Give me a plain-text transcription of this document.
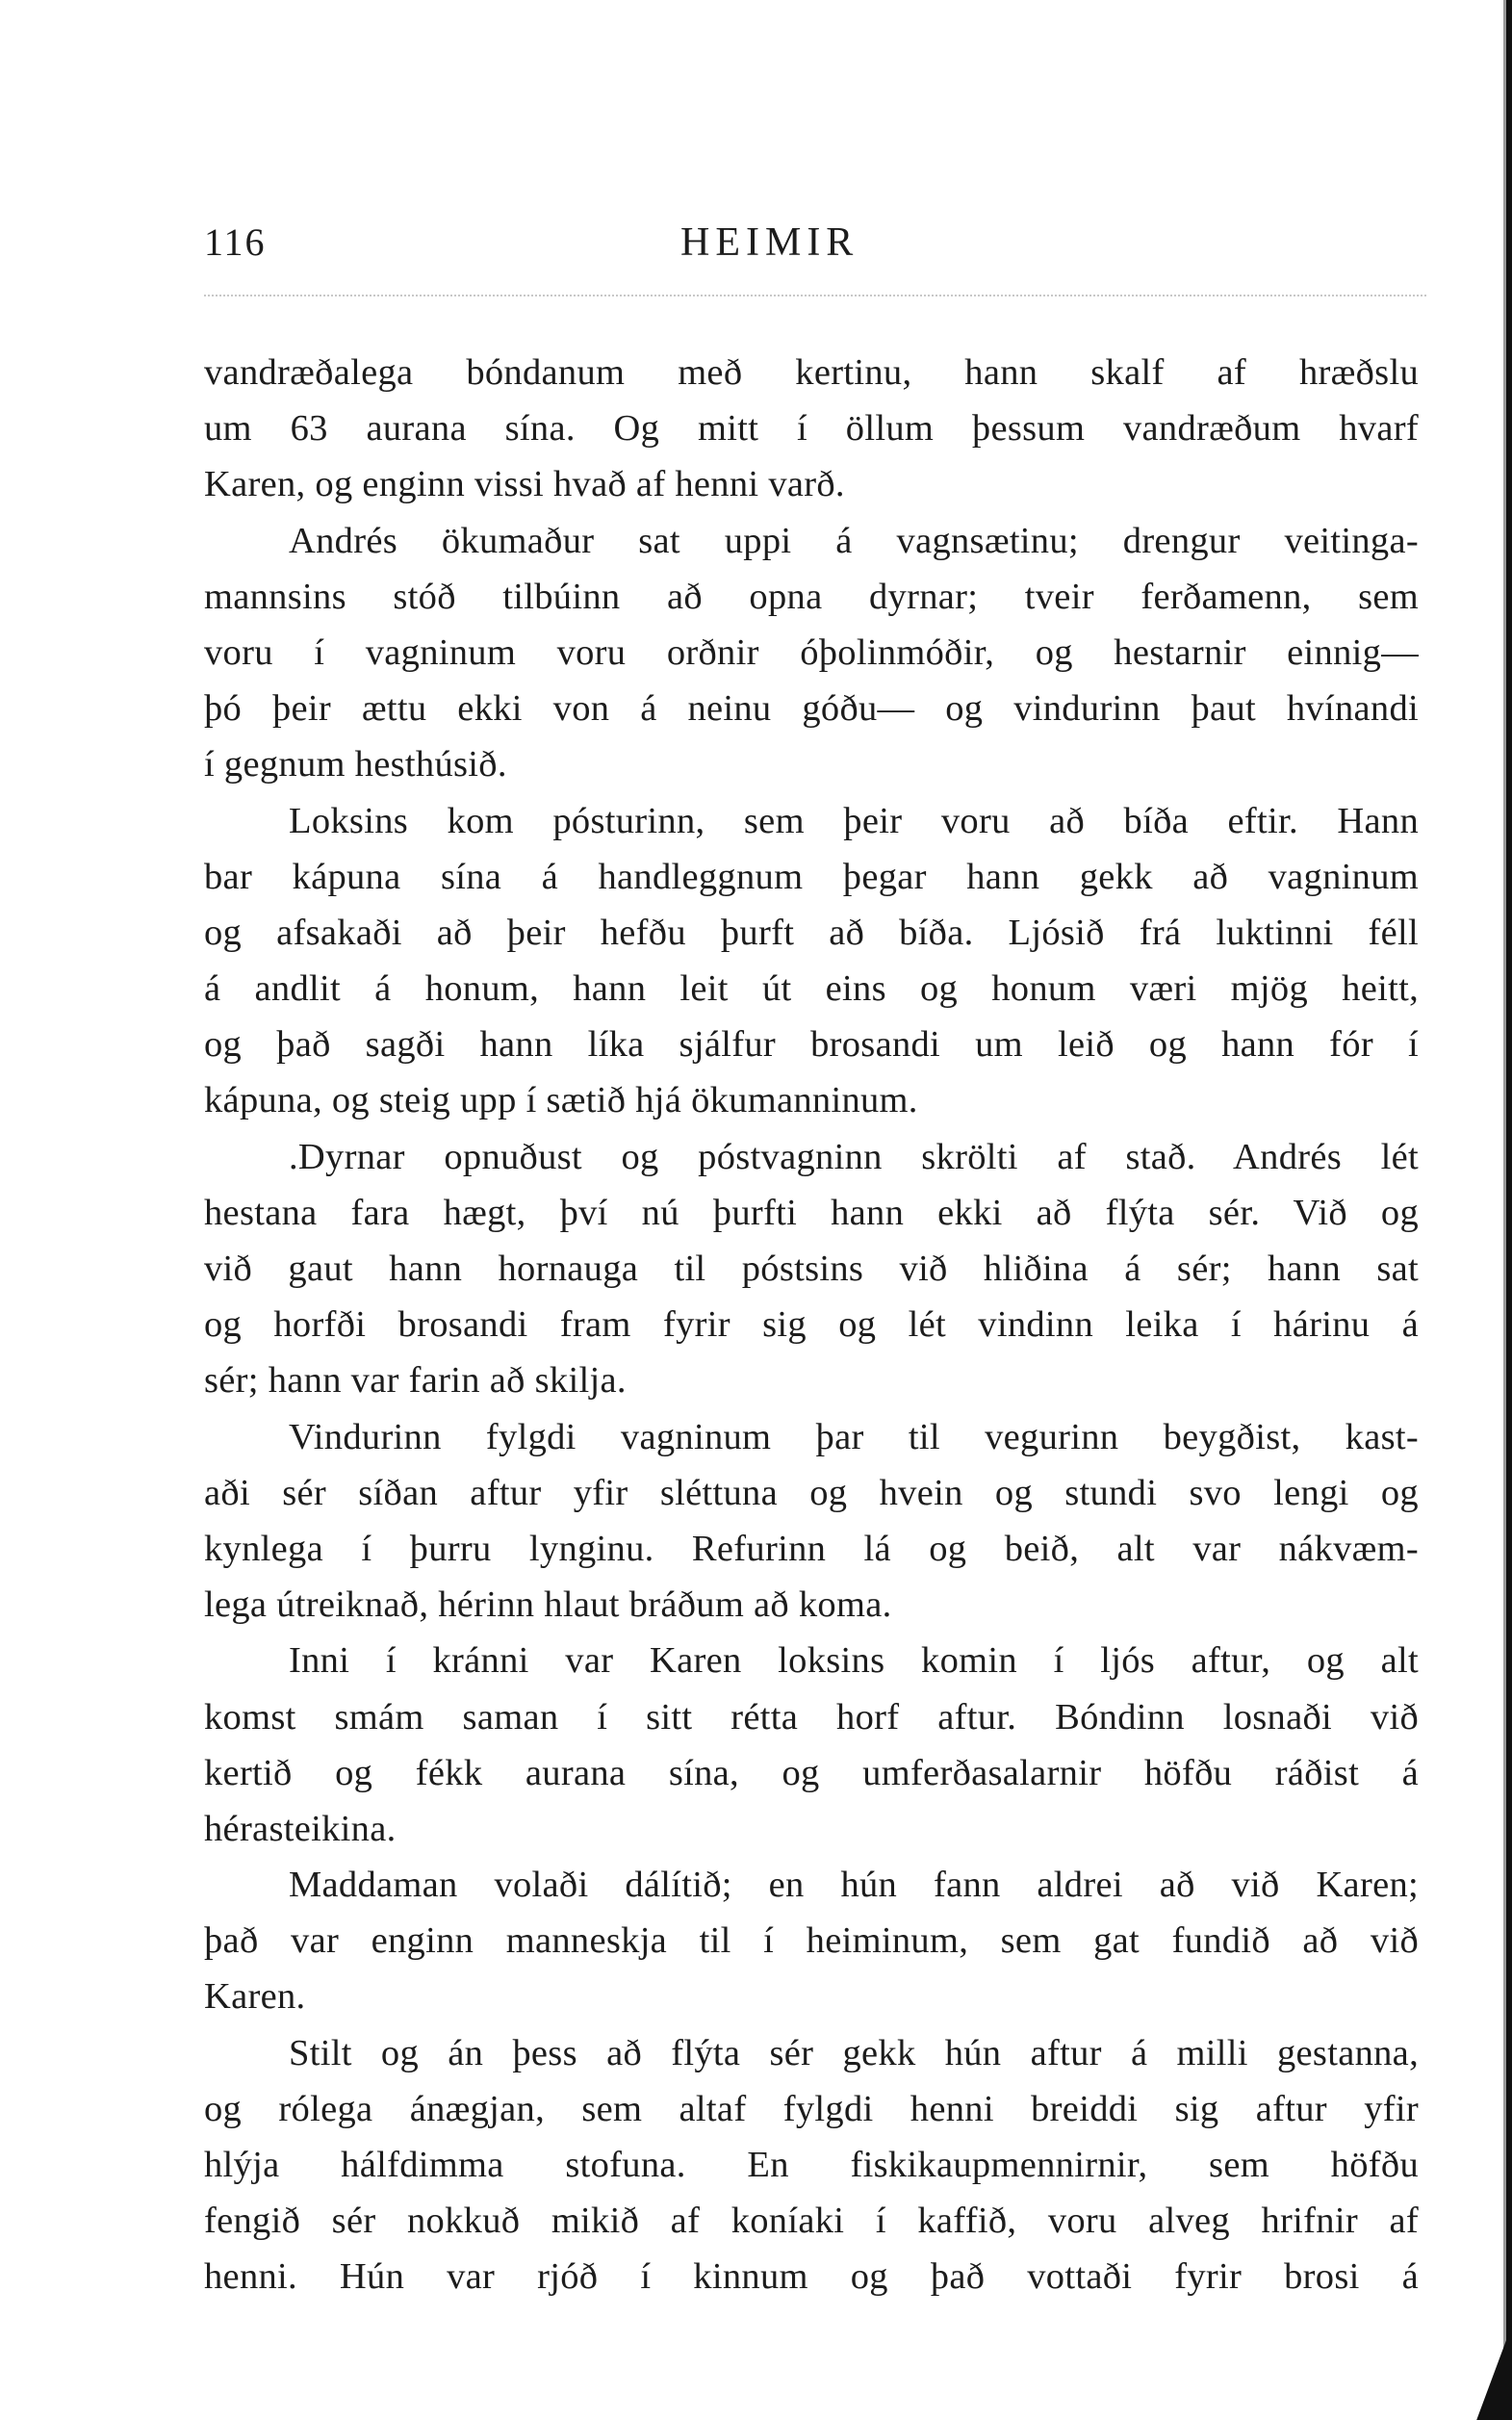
116	HEIMIR
vandræðalega bóndanum með kertinu, hann skalf af hræðslu
um 63 aurana sína. Og mitt í öllum þessum vandræðum hvarf
Karen, og enginn vissi hvað af henni varð.
Andrés ökumaður sat uppi á vagnsætinu; drengur veitinga-
mannsins stóð tilbúinn að opna dyrnar; tveir ferðamenn, sem
voru í vagninum voru orðnir óþolinmóðir, og hestarnir einnig—
þó þeir ættu ekki von á neinu góðu— og vindurinn þaut hvínandi
í gegnum hesthúsið.
Loksins kom pósturinn, sem þeir voru að bíða eftir. Hann
bar kápuna sína á handleggnum þegar hann gekk að vagninum
og afsakaði að þeir hefðu þurft að bíða. Ljósið frá luktinni féll
á andlit á honum, hann leit út eins og honum væri mjög heitt,
og það sagði hann líka sjálfur brosandi um leið og hann fór í
kápuna, og steig upp í sætið hjá ökumanninum.
.Dyrnar opnuðust og póstvagninn skrölti af stað. Andrés lét
hestana fara hægt, því nú þurfti hann ekki að flýta sér. Við og
við gaut hann hornauga til póstsins við hliðina á sér; hann sat
og horfði brosandi fram fyrir sig og lét vindinn leika í hárinu á
sér; hann var farin að skilja.
Vindurinn fylgdi vagninum þar til vegurinn beygðist, kast-
aði sér síðan aftur yfir sléttuna og hvein og stundi svo lengi og
kynlega í þurru lynginu. Refurinn lá og beið, alt var nákvæm-
lega útreiknað, hérinn hlaut bráðum að koma.
Inni í kránni var Karen loksins komin í ljós aftur, og alt
komst smám saman í sitt rétta horf aftur. Bóndinn losnaði við
kertið og fékk aurana sína, og umferðasalarnir höfðu ráðist á
hérasteikina.
Maddaman volaði dálítið; en hún fann aldrei að við Karen;
það var enginn manneskja til í heiminum, sem gat fundið að við
Karen.
Stilt og án þess að flýta sér gekk hún aftur á milli gestanna,
og rólega ánægjan, sem altaf fylgdi henni breiddi sig aftur yfir
hlýja hálfdimma stofuna. En fiskikaupmennirnir, sem höfðu
fengið sér nokkuð mikið af koníaki í kaffið, voru alveg hrifnir af
henni. Hún var rjóð í kinnum og það vottaði fyrir brosi á
